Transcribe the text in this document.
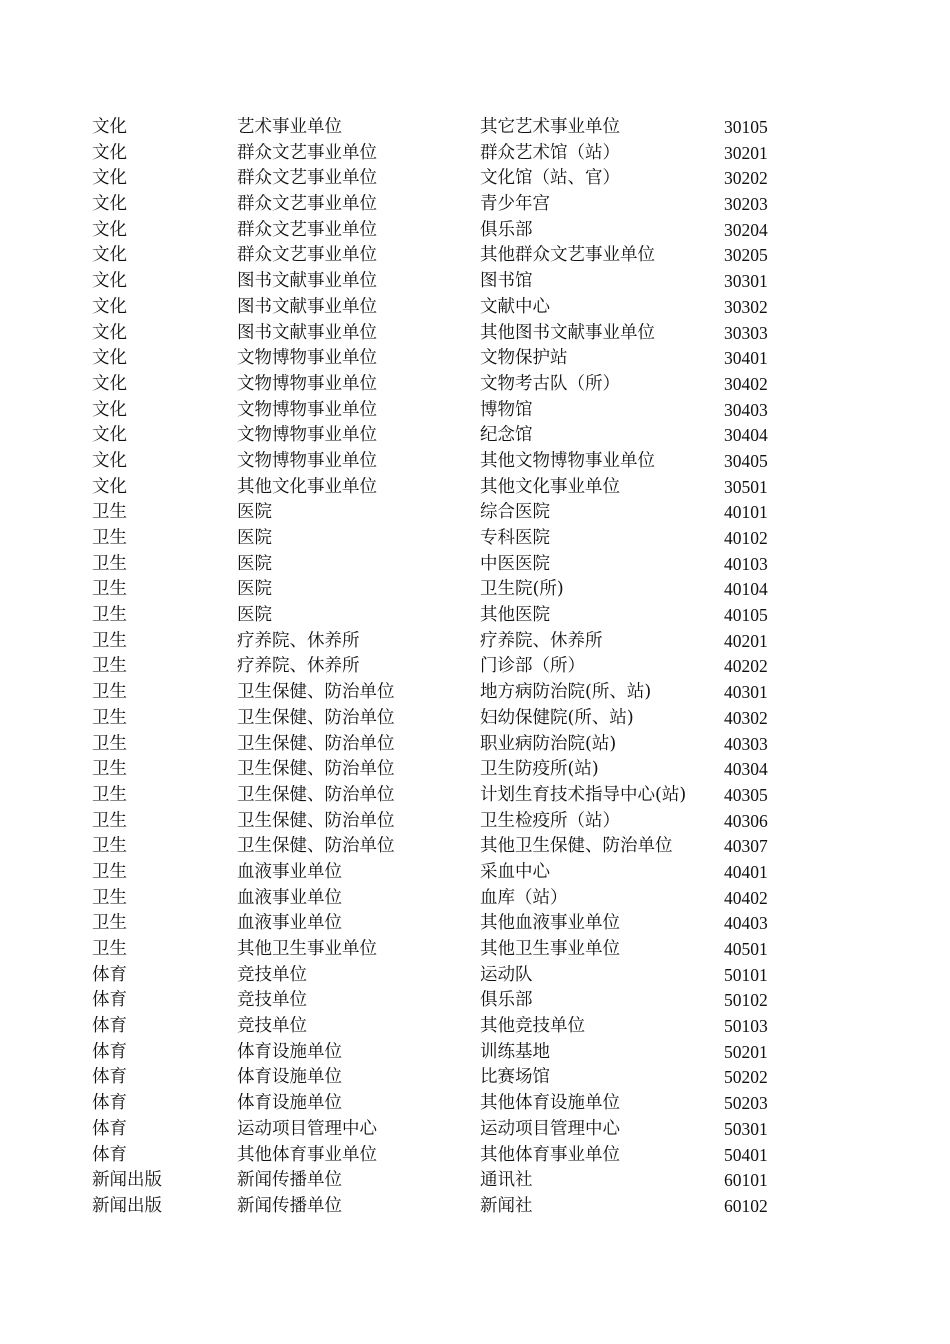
文化	艺术事业单位	其它艺术事业单位	30105
文化	群众文艺事业单位	群众艺术馆（站）	30201
文化	群众文艺事业单位	文化馆（站、官）	30202
文化	群众文艺事业单位	青少年宫	30203
文化	群众文艺事业单位	俱乐部	30204
文化	群众文艺事业单位	其他群众文艺事业单位	30205
文化	图书文献事业单位	图书馆	30301
文化	图书文献事业单位	文献中心	30302
文化	图书文献事业单位	其他图书文献事业单位	30303
文化	文物博物事业单位	文物保护站	30401
文化	文物博物事业单位	文物考古队（所）	30402
文化	文物博物事业单位	博物馆	30403
文化	文物博物事业单位	纪念馆	30404
文化	文物博物事业单位	其他文物博物事业单位	30405
文化	其他文化事业单位	其他文化事业单位	30501
卫生	医院	综合医院	40101
卫生	医院	专科医院	40102
卫生	医院	中医医院	40103
卫生	医院	卫生院(所)	40104
卫生	医院	其他医院	40105
卫生	疗养院、休养所	疗养院、休养所	40201
卫生	疗养院、休养所	门诊部（所）	40202
卫生	卫生保健、防治单位	地方病防治院(所、站)	40301
卫生	卫生保健、防治单位	妇幼保健院(所、站)	40302
卫生	卫生保健、防治单位	职业病防治院(站)	40303
卫生	卫生保健、防治单位	卫生防疫所(站)	40304
卫生	卫生保健、防治单位	计划生育技术指导中心(站)	40305
卫生	卫生保健、防治单位	卫生检疫所（站）	40306
卫生	卫生保健、防治单位	其他卫生保健、防治单位	40307
卫生	血液事业单位	采血中心	40401
卫生	血液事业单位	血库（站）	40402
卫生	血液事业单位	其他血液事业单位	40403
卫生	其他卫生事业单位	其他卫生事业单位	40501
体育	竞技单位	运动队	50101
体育	竞技单位	俱乐部	50102
体育	竞技单位	其他竞技单位	50103
体育	体育设施单位	训练基地	50201
体育	体育设施单位	比赛场馆	50202
体育	体育设施单位	其他体育设施单位	50203
体育	运动项目管理中心	运动项目管理中心	50301
体育	其他体育事业单位	其他体育事业单位	50401
新闻出版	新闻传播单位	通讯社	60101
新闻出版	新闻传播单位	新闻社	60102
